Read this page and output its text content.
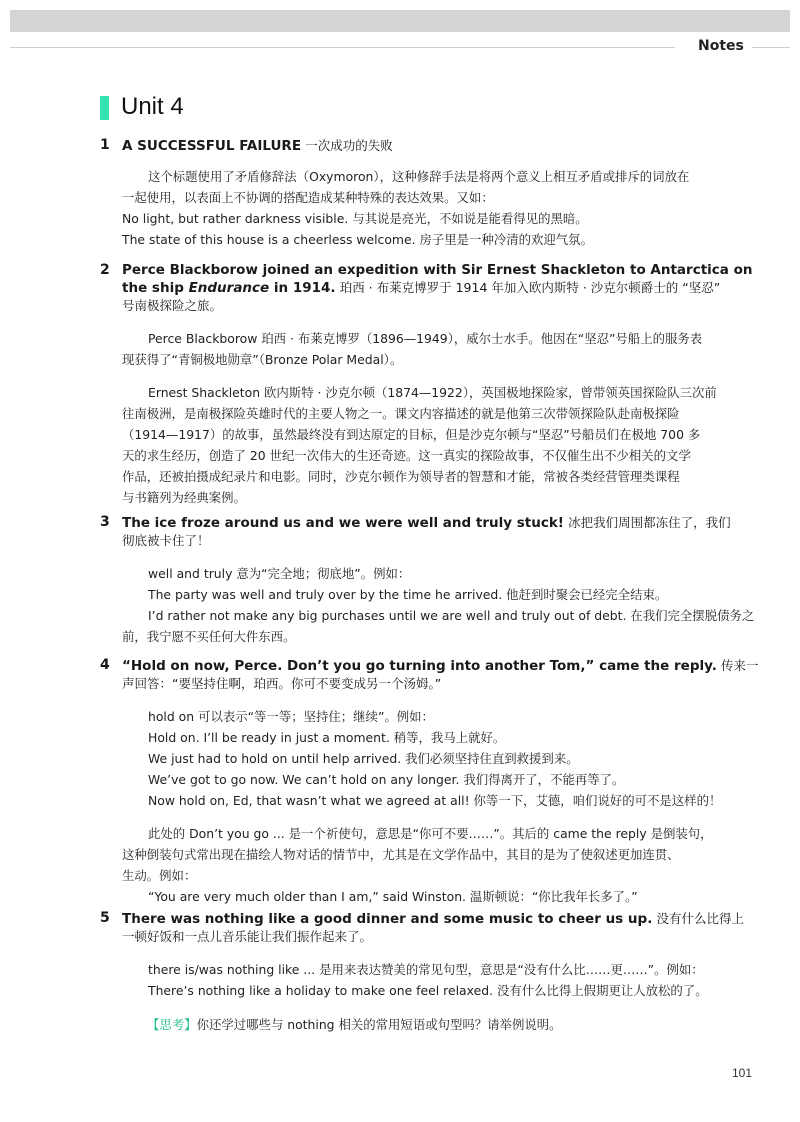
Notes
Unit 4
1 A SUCCESSFUL FAILURE 一次成功的失败
这个标题使用了矛盾修辞法（Oxymoron），这种修辞手法是将两个意义上相互矛盾或排斥的词放在
一起使用，以表面上不协调的搭配造成某种特殊的表达效果。又如：
No light, but rather darkness visible. 与其说是亮光，不如说是能看得见的黑暗。
The state of this house is a cheerless welcome. 房子里是一种冷清的欢迎气氛。
2 Perce Blackborow joined an expedition with Sir Ernest Shackleton to Antarctica on
the ship Endurance in 1914. 珀西 · 布莱克博罗于 1914 年加入欧内斯特 · 沙克尔顿爵士的 “坚忍”
号南极探险之旅。
Perce Blackborow 珀西 · 布莱克博罗（1896—1949），威尔士水手。他因在“坚忍”号船上的服务表
现获得了“青铜极地勋章”（Bronze Polar Medal）。
Ernest Shackleton 欧内斯特 · 沙克尔顿（1874—1922），英国极地探险家，曾带领英国探险队三次前
往南极洲，是南极探险英雄时代的主要人物之一。课文内容描述的就是他第三次带领探险队赴南极探险
（1914—1917）的故事，虽然最终没有到达原定的目标，但是沙克尔顿与“坚忍”号船员们在极地 700 多
天的求生经历，创造了 20 世纪一次伟大的生还奇迹。这一真实的探险故事，不仅催生出不少相关的文学
作品，还被拍摄成纪录片和电影。同时，沙克尔顿作为领导者的智慧和才能，常被各类经营管理类课程
与书籍列为经典案例。
3 The ice froze around us and we were well and truly stuck! 冰把我们周围都冻住了，我们
彻底被卡住了！
well and truly 意为“完全地；彻底地”。例如：
The party was well and truly over by the time he arrived. 他赶到时聚会已经完全结束。
I’d rather not make any big purchases until we are well and truly out of debt. 在我们完全摆脱债务之
前，我宁愿不买任何大件东西。
4 “Hold on now, Perce. Don’t you go turning into another Tom,” came the reply. 传来一
声回答：“要坚持住啊，珀西。你可不要变成另一个汤姆。”
hold on 可以表示“等一等；坚持住；继续”。例如：
Hold on. I’ll be ready in just a moment. 稍等，我马上就好。
We just had to hold on until help arrived. 我们必须坚持住直到救援到来。
We’ve got to go now. We can’t hold on any longer. 我们得离开了，不能再等了。
Now hold on, Ed, that wasn’t what we agreed at all! 你等一下，艾德，咱们说好的可不是这样的！
此处的 Don’t you go ... 是一个祈使句，意思是“你可不要……”。其后的 came the reply 是倒装句，
这种倒装句式常出现在描绘人物对话的情节中，尤其是在文学作品中，其目的是为了使叙述更加连贯、
生动。例如：
“You are very much older than I am,” said Winston. 温斯顿说：“你比我年长多了。”
5 There was nothing like a good dinner and some music to cheer us up. 没有什么比得上
一顿好饭和一点儿音乐能让我们振作起来了。
there is/was nothing like ... 是用来表达赞美的常见句型，意思是“没有什么比……更……”。例如：
There’s nothing like a holiday to make one feel relaxed. 没有什么比得上假期更让人放松的了。
【思考】你还学过哪些与 nothing 相关的常用短语或句型吗？请举例说明。
101
